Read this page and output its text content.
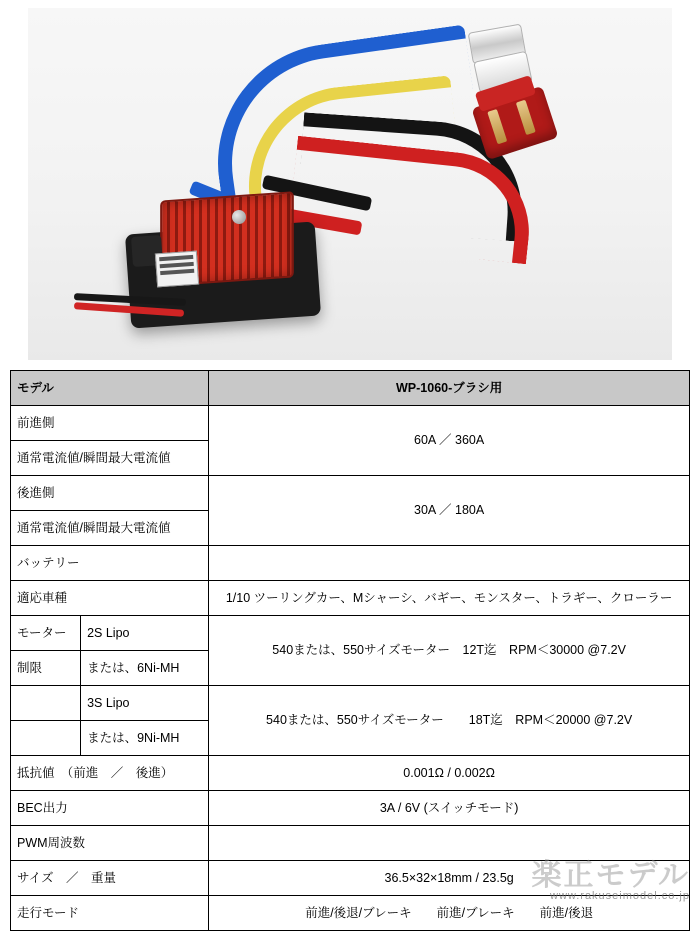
モデル		WP-1060-ブラシ用
前進側		60A ／ 360A
通常電流値/瞬間最大電流値		
後進側		30A ／ 180A
通常電流値/瞬間最大電流値		
バッテリー		
適応車種		1/10 ツーリングカー、Mシャーシ、バギー、モンスター、トラギー、クローラー
モーター	2S Lipo	540または、550サイズモーター　12T迄　RPM＜30000 @7.2V
制限	または、6Ni-MH	
	3S Lipo	540または、550サイズモーター　　18T迄　RPM＜20000 @7.2V
	または、9Ni-MH	
抵抗値　（前進　／　後進）		0.001Ω / 0.002Ω
BEC出力		3A / 6V (スイッチモード)
PWM周波数		
サイズ　／　重量		36.5×32×18mm / 23.5g
走行モード		前進/後退/ブレーキ　　前進/ブレーキ　　前進/後退
楽正モデル
www.rakuseimodel.co.jp
